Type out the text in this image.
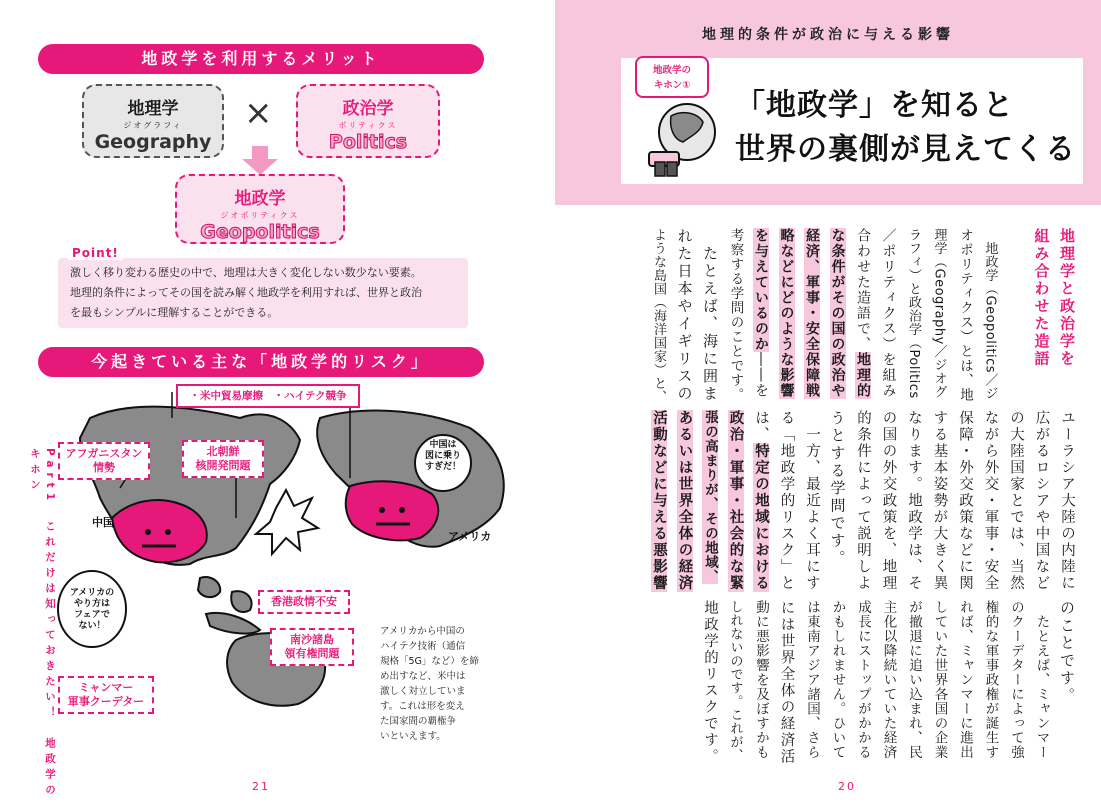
地政学を利用するメリット
地理学
ジオグラフィ
Geography
×	政治学
ポリティクス
Politics
地政学
ジオポリティクス
Geopolitics
Point!
激しく移り変わる歴史の中で、地理は大きく変化しない数少ない要素。
地理的条件によってその国を読み解く地政学を利用すれば、世界と政治
を最もシンプルに理解することができる。
今起きている主な「地政学的リスク」
・米中貿易摩擦　・ハイテク競争
アフガニスタン
情勢
北朝鮮
核開発問題
中国
アメリカ
中国は
図に乗り
すぎだ！
アメリカの
やり方は
フェアで
ない！
香港政情不安
南沙諸島
領有権問題
ミャンマー
軍事クーデター
アメリカから中国の
ハイテク技術（通信
規格「5G」など）を締
め出すなど、米中は
激しく対立していま
す。これは形を変え
た国家間の覇権争
いといえます。
Part1　これだけは知っておきたい！　地政学のキホン
21
地理的条件が政治に与える影響
地政学の
キホン①
「地政学」を知ると
世界の裏側が見えてくる
地理学と政治学を
組み合わせた造語
　地政学（Geopolitics／ジ
オポリティクス）とは、地
理学（Geography／ジオグ
ラフィ）と政治学（Politics
／ポリティクス）を組み
合わせた造語で、地理的
な条件がその国の政治や
経済、軍事・安全保障戦
略などにどのような影響
を与えているのか――を
考察する学問のことです。
　たとえば、海に囲ま
れた日本やイギリスの
ような島国（海洋国家）と、
ユーラシア大陸の内陸に
広がるロシアや中国など
の大陸国家とでは、当然
ながら外交・軍事・安全
保障・外交政策などに関
する基本姿勢が大きく異
なります。地政学は、そ
の国の外交政策を、地理
的条件によって説明しよ
うとする学問です。
　一方、最近よく耳にす
る「地政学的リスク」と
は、特定の地域における
政治・軍事・社会的な緊
張の高まりが、その地域、
あるいは世界全体の経済
活動などに与える悪影響
のことです。
　たとえば、ミャンマー
のクーデターによって強
権的な軍事政権が誕生す
れば、ミャンマーに進出
していた世界各国の企業
が撤退に追い込まれ、民
主化以降続いていた経済
成長にストップがかかる
かもしれません。ひいて
は東南アジア諸国、さら
には世界全体の経済活
動に悪影響を及ぼすかも
しれないのです。これが、
地政学的リスクです。
20
